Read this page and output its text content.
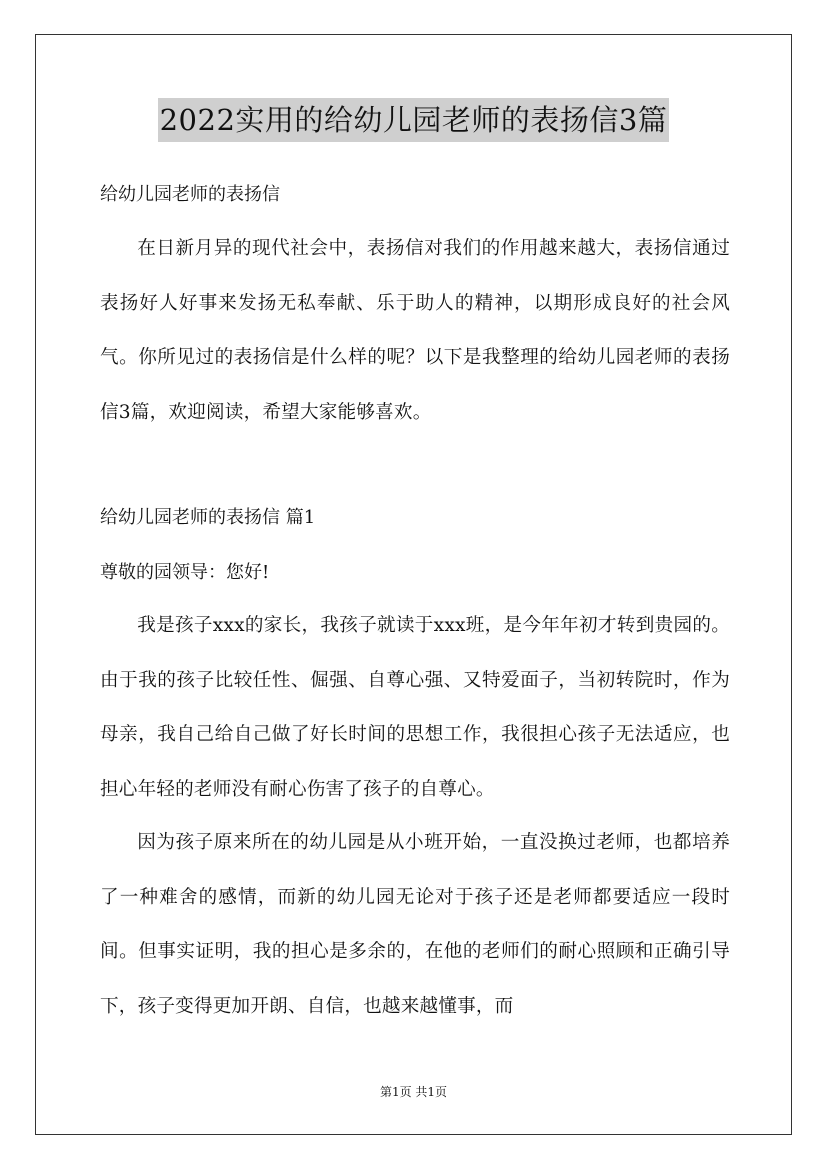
2022实用的给幼儿园老师的表扬信3篇
给幼儿园老师的表扬信
在日新月异的现代社会中，表扬信对我们的作用越来越大，表扬信通过表扬好人好事来发扬无私奉献、乐于助人的精神，以期形成良好的社会风气。你所见过的表扬信是什么样的呢？以下是我整理的给幼儿园老师的表扬信3篇，欢迎阅读，希望大家能够喜欢。
给幼儿园老师的表扬信 篇1
尊敬的园领导：您好!
我是孩子xxx的家长，我孩子就读于xxx班，是今年年初才转到贵园的。由于我的孩子比较任性、倔强、自尊心强、又特爱面子，当初转院时，作为母亲，我自己给自己做了好长时间的思想工作，我很担心孩子无法适应，也担心年轻的老师没有耐心伤害了孩子的自尊心。
因为孩子原来所在的幼儿园是从小班开始，一直没换过老师，也都培养了一种难舍的感情，而新的幼儿园无论对于孩子还是老师都要适应一段时间。但事实证明，我的担心是多余的，在他的老师们的耐心照顾和正确引导下，孩子变得更加开朗、自信，也越来越懂事，而
第1页 共1页
